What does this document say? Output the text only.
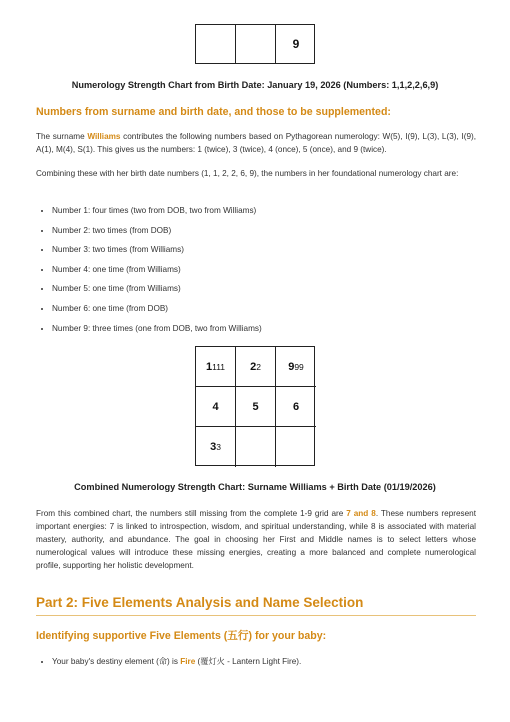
9
Numerology Strength Chart from Birth Date: January 19, 2026 (Numbers: 1,1,2,2,6,9)
Numbers from surname and birth date, and those to be supplemented:
The surname Williams contributes the following numbers based on Pythagorean numerology: W(5), I(9), L(3), L(3), I(9), A(1), M(4), S(1). This gives us the numbers: 1 (twice), 3 (twice), 4 (once), 5 (once), and 9 (twice).
Combining these with her birth date numbers (1, 1, 2, 2, 6, 9), the numbers in her foundational numerology chart are:
• Number 1: four times (two from DOB, two from Williams)
• Number 2: two times (from DOB)
• Number 3: two times (from Williams)
• Number 4: one time (from Williams)
• Number 5: one time (from Williams)
• Number 6: one time (from DOB)
• Number 9: three times (one from DOB, two from Williams)
1 111 2 2 9 99
4	5	6
3 3
Combined Numerology Strength Chart: Surname Williams + Birth Date (01/19/2026)
From this combined chart, the numbers still missing from the complete 1-9 grid are 7 and 8. These numbers represent important energies: 7 is linked to introspection, wisdom, and spiritual understanding, while 8 is associated with material mastery, authority, and abundance. The goal in choosing her First and Middle names is to select letters whose numerological values will introduce these missing energies, creating a more balanced and complete numerological profile, supporting her holistic development.
Part 2: Five Elements Analysis and Name Selection
Identifying supportive Five Elements (五行) for your baby:
• Your baby's destiny element (命) is Fire (覆灯火 - Lantern Light Fire).
